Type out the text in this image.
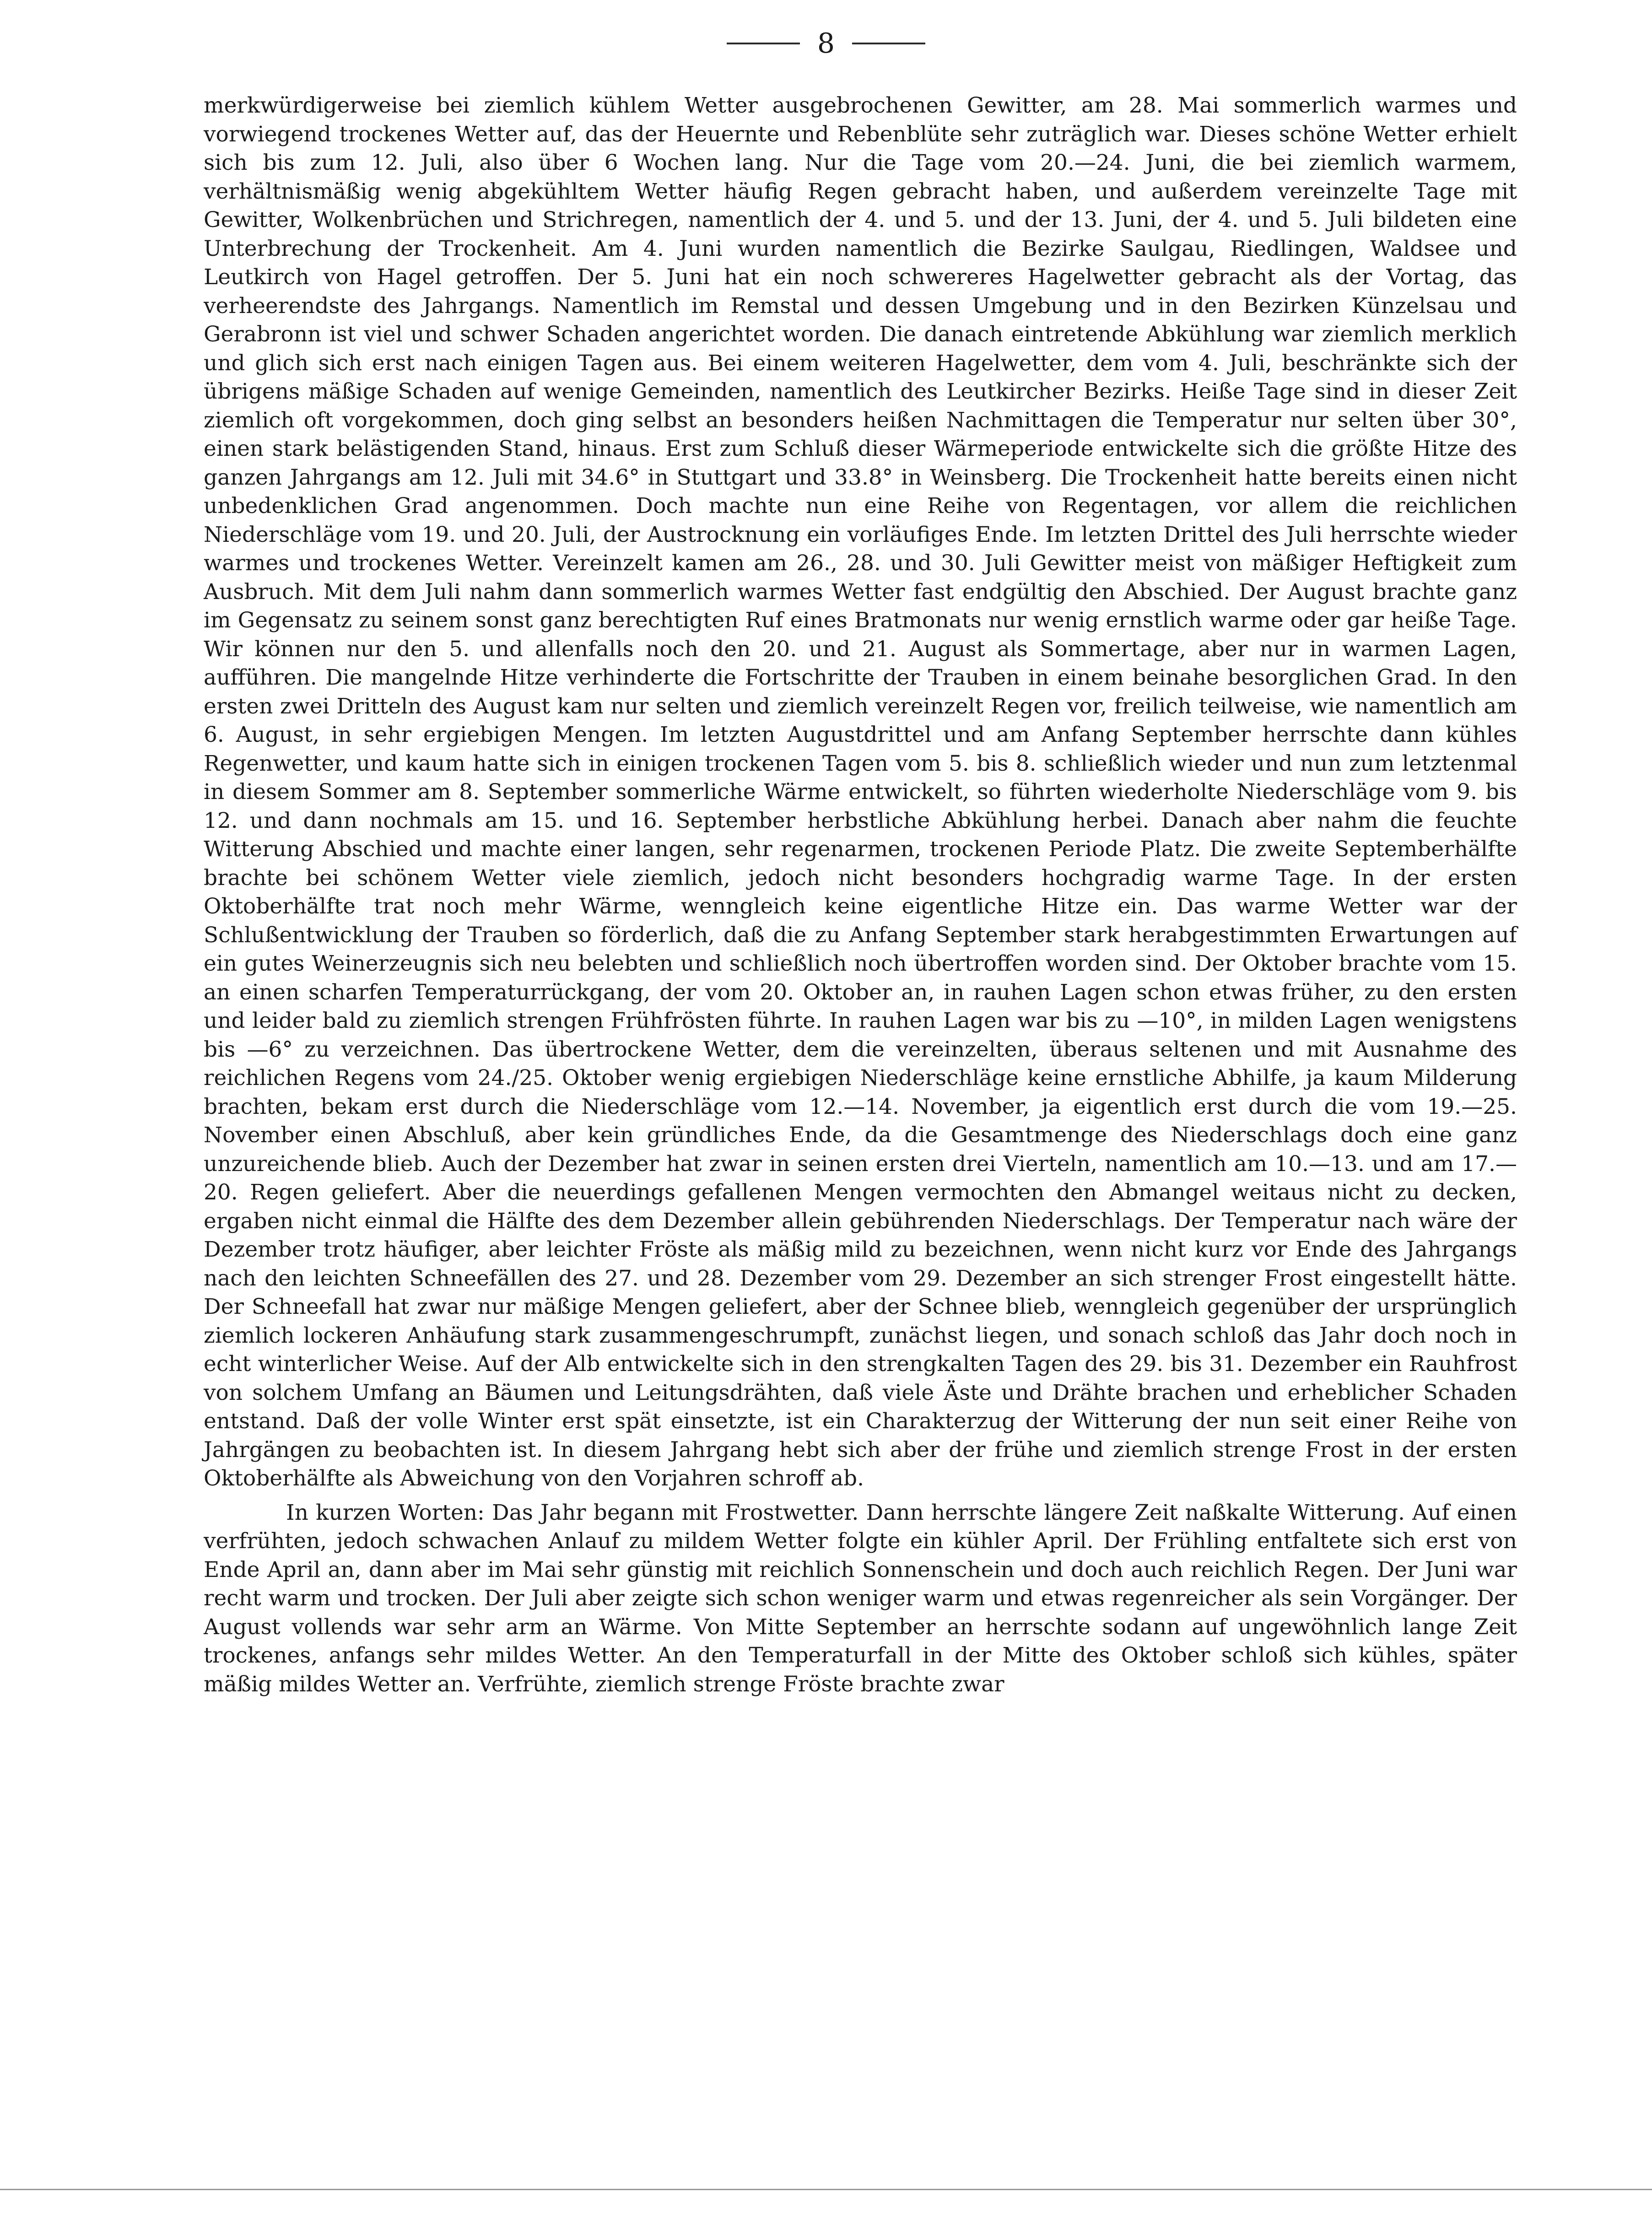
8

merkwürdigerweise bei ziemlich kühlem Wetter ausgebrochenen Gewitter, am 28. Mai sommerlich warmes und vorwiegend trockenes Wetter auf, das der Heuernte und Rebenblüte sehr zuträglich war. Dieses schöne Wetter erhielt sich bis zum 12. Juli, also über 6 Wochen lang. Nur die Tage vom 20.—24. Juni, die bei ziemlich warmem, verhältnismäßig wenig abgekühltem Wetter häufig Regen gebracht haben, und außerdem vereinzelte Tage mit Gewitter, Wolkenbrüchen und Strichregen, namentlich der 4. und 5. und der 13. Juni, der 4. und 5. Juli bildeten eine Unterbrechung der Trockenheit. Am 4. Juni wurden namentlich die Bezirke Saulgau, Riedlingen, Waldsee und Leutkirch von Hagel getroffen. Der 5. Juni hat ein noch schwereres Hagelwetter gebracht als der Vortag, das verheerendste des Jahrgangs. Namentlich im Remstal und dessen Umgebung und in den Bezirken Künzelsau und Gerabronn ist viel und schwer Schaden angerichtet worden. Die danach eintretende Abkühlung war ziemlich merklich und glich sich erst nach einigen Tagen aus. Bei einem weiteren Hagelwetter, dem vom 4. Juli, beschränkte sich der übrigens mäßige Schaden auf wenige Gemeinden, namentlich des Leutkircher Bezirks. Heiße Tage sind in dieser Zeit ziemlich oft vorgekommen, doch ging selbst an besonders heißen Nachmittagen die Temperatur nur selten über 30°, einen stark belästigenden Stand, hinaus. Erst zum Schluß dieser Wärmeperiode entwickelte sich die größte Hitze des ganzen Jahrgangs am 12. Juli mit 34.6° in Stuttgart und 33.8° in Weinsberg. Die Trockenheit hatte bereits einen nicht unbedenklichen Grad angenommen. Doch machte nun eine Reihe von Regentagen, vor allem die reichlichen Niederschläge vom 19. und 20. Juli, der Austrocknung ein vorläufiges Ende. Im letzten Drittel des Juli herrschte wieder warmes und trockenes Wetter. Vereinzelt kamen am 26., 28. und 30. Juli Gewitter meist von mäßiger Heftigkeit zum Ausbruch. Mit dem Juli nahm dann sommerlich warmes Wetter fast endgültig den Abschied. Der August brachte ganz im Gegensatz zu seinem sonst ganz berechtigten Ruf eines Bratmonats nur wenig ernstlich warme oder gar heiße Tage. Wir können nur den 5. und allenfalls noch den 20. und 21. August als Sommertage, aber nur in warmen Lagen, aufführen. Die mangelnde Hitze verhinderte die Fortschritte der Trauben in einem beinahe besorglichen Grad. In den ersten zwei Dritteln des August kam nur selten und ziemlich vereinzelt Regen vor, freilich teilweise, wie namentlich am 6. August, in sehr ergiebigen Mengen. Im letzten Augustdrittel und am Anfang September herrschte dann kühles Regenwetter, und kaum hatte sich in einigen trockenen Tagen vom 5. bis 8. schließlich wieder und nun zum letztenmal in diesem Sommer am 8. September sommerliche Wärme entwickelt, so führten wiederholte Niederschläge vom 9. bis 12. und dann nochmals am 15. und 16. September herbstliche Abkühlung herbei. Danach aber nahm die feuchte Witterung Abschied und machte einer langen, sehr regenarmen, trockenen Periode Platz. Die zweite Septemberhälfte brachte bei schönem Wetter viele ziemlich, jedoch nicht besonders hochgradig warme Tage. In der ersten Oktoberhälfte trat noch mehr Wärme, wenngleich keine eigentliche Hitze ein. Das warme Wetter war der Schlußentwicklung der Trauben so förderlich, daß die zu Anfang September stark herabgestimmten Erwartungen auf ein gutes Weinerzeugnis sich neu belebten und schließlich noch übertroffen worden sind. Der Oktober brachte vom 15. an einen scharfen Temperaturrückgang, der vom 20. Oktober an, in rauhen Lagen schon etwas früher, zu den ersten und leider bald zu ziemlich strengen Frühfrösten führte. In rauhen Lagen war bis zu —10°, in milden Lagen wenigstens bis —6° zu verzeichnen. Das übertrockene Wetter, dem die vereinzelten, überaus seltenen und mit Ausnahme des reichlichen Regens vom 24./25. Oktober wenig ergiebigen Niederschläge keine ernstliche Abhilfe, ja kaum Milderung brachten, bekam erst durch die Niederschläge vom 12.—14. November, ja eigentlich erst durch die vom 19.—25. November einen Abschluß, aber kein gründliches Ende, da die Gesamtmenge des Niederschlags doch eine ganz unzureichende blieb. Auch der Dezember hat zwar in seinen ersten drei Vierteln, namentlich am 10.—13. und am 17.—20. Regen geliefert. Aber die neuerdings gefallenen Mengen vermochten den Abmangel weitaus nicht zu decken, ergaben nicht einmal die Hälfte des dem Dezember allein gebührenden Niederschlags. Der Temperatur nach wäre der Dezember trotz häufiger, aber leichter Fröste als mäßig mild zu bezeichnen, wenn nicht kurz vor Ende des Jahrgangs nach den leichten Schneefällen des 27. und 28. Dezember vom 29. Dezember an sich strenger Frost eingestellt hätte. Der Schneefall hat zwar nur mäßige Mengen geliefert, aber der Schnee blieb, wenngleich gegenüber der ursprünglich ziemlich lockeren Anhäufung stark zusammengeschrumpft, zunächst liegen, und sonach schloß das Jahr doch noch in echt winterlicher Weise. Auf der Alb entwickelte sich in den strengkalten Tagen des 29. bis 31. Dezember ein Rauhfrost von solchem Umfang an Bäumen und Leitungsdrähten, daß viele Äste und Drähte brachen und erheblicher Schaden entstand. Daß der volle Winter erst spät einsetzte, ist ein Charakterzug der Witterung der nun seit einer Reihe von Jahrgängen zu beobachten ist. In diesem Jahrgang hebt sich aber der frühe und ziemlich strenge Frost in der ersten Oktoberhälfte als Abweichung von den Vorjahren schroff ab.

In kurzen Worten: Das Jahr begann mit Frostwetter. Dann herrschte längere Zeit naßkalte Witterung. Auf einen verfrühten, jedoch schwachen Anlauf zu mildem Wetter folgte ein kühler April. Der Frühling entfaltete sich erst von Ende April an, dann aber im Mai sehr günstig mit reichlich Sonnenschein und doch auch reichlich Regen. Der Juni war recht warm und trocken. Der Juli aber zeigte sich schon weniger warm und etwas regenreicher als sein Vorgänger. Der August vollends war sehr arm an Wärme. Von Mitte September an herrschte sodann auf ungewöhnlich lange Zeit trockenes, anfangs sehr mildes Wetter. An den Temperaturfall in der Mitte des Oktober schloß sich kühles, später mäßig mildes Wetter an. Verfrühte, ziemlich strenge Fröste brachte zwar
